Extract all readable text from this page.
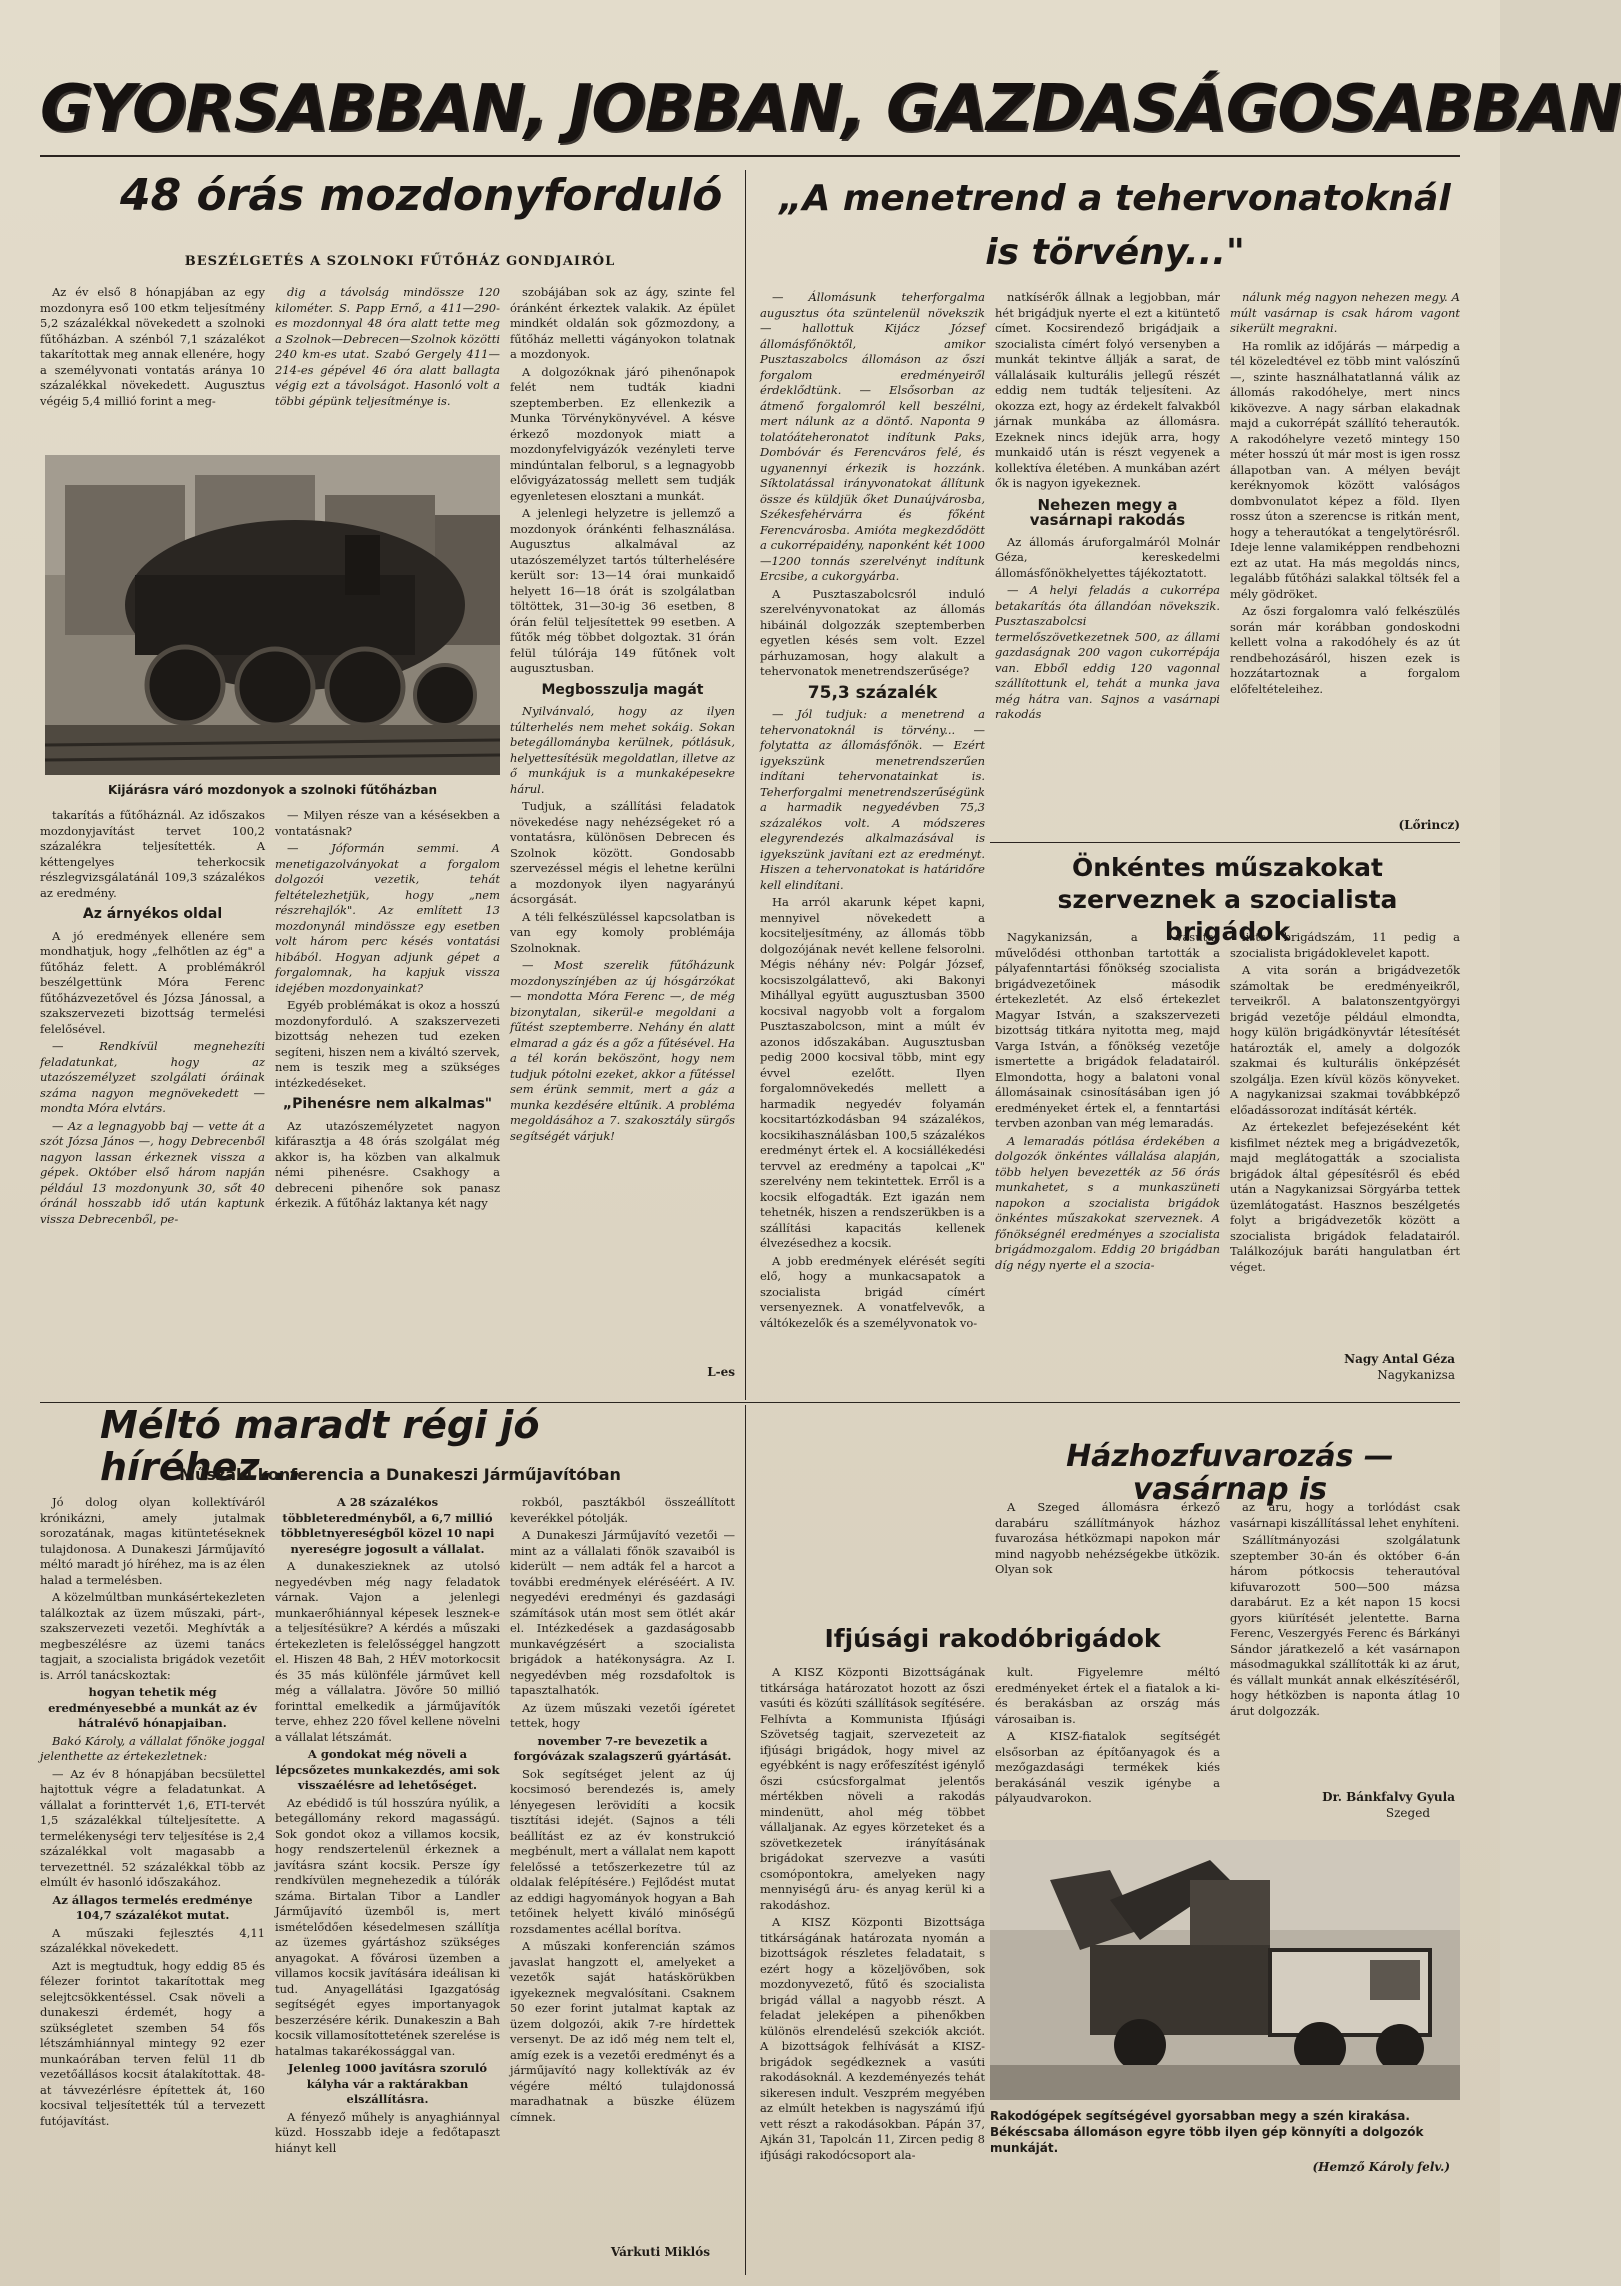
GYORSABBAN, JOBBAN, GAZDASÁGOSABBAN
48 órás mozdonyforduló
BESZÉLGETÉS A SZOLNOKI FŰTŐHÁZ GONDJAIRÓL

Az év első 8 hónapjában az egy mozdonyra eső 100 etkm teljesítmény 5,2 százalékkal növekedett a szolnoki fűtőházban. A szénból 7,1 százalékot takarítottak meg annak ellenére, hogy a személyvonati vontatás aránya 10 százalékkal növekedett. Augusztus végéig 5,4 millió forint a meg-

dig a távolság mindössze 120 kilométer. S. Papp Ernő, a 411—290-es mozdonnyal 48 óra alatt tette meg a Szolnok—Debrecen—Szolnok közötti 240 km-es utat. Szabó Gergely 411—214-es gépével 46 óra alatt ballagta végig ezt a távolságot. Hasonló volt a többi gépünk teljesítménye is.

Kijárásra váró mozdonyok a szolnoki fűtőházban

takarítás a fűtőháznál. Az időszakos mozdonyjavítást tervet 100,2 százalékra teljesítették. A kéttengelyes teherkocsik részlegvizsgálatánál 109,3 százalékos az eredmény.

Az árnyékos oldal

A jó eredmények ellenére sem mondhatjuk, hogy „felhőtlen az ég" a fűtőház felett. A problémákról beszélgettünk Móra Ferenc fűtőházvezetővel és Józsa Jánossal, a szakszervezeti bizottság termelési felelősével.

— Rendkívül megnehezíti feladatunkat, hogy az utazószemélyzet szolgálati óráinak száma nagyon megnövekedett — mondta Móra elvtárs.

— Az a legnagyobb baj — vette át a szót Józsa János —, hogy Debrecenből nagyon lassan érkeznek vissza a gépek. Október első három napján például 13 mozdonyunk 30, sőt 40 óránál hosszabb idő után kaptunk vissza Debrecenből, pe-

— Milyen része van a késésekben a vontatásnak?

— Jóformán semmi. A menetigazolványokat a forgalom dolgozói vezetik, tehát feltételezhetjük, hogy „nem részrehajlók". Az említett 13 mozdonynál mindössze egy esetben volt három perc késés vontatási hibából. Hogyan adjunk gépet a forgalomnak, ha kapjuk vissza idejében mozdonyainkat?

Egyéb problémákat is okoz a hosszú mozdonyforduló. A szakszervezeti bizottság nehezen tud ezeken segíteni, hiszen nem a kiváltó szervek, nem is teszik meg a szükséges intézkedéseket.

„Pihenésre nem alkalmas"

Az utazószemélyzetet nagyon kifárasztja a 48 órás szolgálat még akkor is, ha közben van alkalmuk némi pihenésre. Csakhogy a debreceni pihenőre sok panasz érkezik. A fűtőház laktanya két nagy

szobájában sok az ágy, szinte fel óránként érkeztek valakik. Az épület mindkét oldalán sok gőzmozdony, a fűtőház melletti vágányokon tolatnak a mozdonyok.

A dolgozóknak járó pihenőnapok felét nem tudták kiadni szeptemberben. Ez ellenkezik a Munka Törvénykönyvével. A késve érkező mozdonyok miatt a mozdonyfelvigyázók vezényleti terve mindúntalan felborul, s a legnagyobb elővigyázatosság mellett sem tudják egyenletesen elosztani a munkát.

A jelenlegi helyzetre is jellemző a mozdonyok óránkénti felhasználása. Augusztus alkalmával az utazószemélyzet tartós túlterhelésére került sor: 13—14 órai munkaidő helyett 16—18 órát is szolgálatban töltöttek, 31—30-ig 36 esetben, 8 órán felül teljesítettek 99 esetben. A fűtők még többet dolgoztak. 31 órán felül túlórája 149 fűtőnek volt augusztusban.

Megbosszulja magát

Nyilvánvaló, hogy az ilyen túlterhelés nem mehet sokáig. Sokan betegállományba kerülnek, pótlásuk, helyettesítésük megoldatlan, illetve az ő munkájuk is a munkaképesekre hárul.

Tudjuk, a szállítási feladatok növekedése nagy nehézségeket ró a vontatásra, különösen Debrecen és Szolnok között. Gondosabb szervezéssel mégis el lehetne kerülni a mozdonyok ilyen nagyarányú ácsorgását.

A téli felkészüléssel kapcsolatban is van egy komoly problémája Szolnoknak.

— Most szerelik fűtőházunk mozdonyszínjében az új hósgárzókat — mondotta Móra Ferenc —, de még bizonytalan, sikerül-e megoldani a fűtést szeptemberre. Nehány én alatt elmarad a gáz és a gőz a fűtésével. Ha a tél korán beköszönt, hogy nem tudjuk pótolni ezeket, akkor a fűtéssel sem érünk semmit, mert a gáz a munka kezdésére eltűnik. A probléma megoldásához a 7. szakosztály sürgős segítségét várjuk!

L-es
„A menetrend a tehervonatoknál is törvény..."

— Állomásunk teherforgalma augusztus óta szüntelenül növekszik — hallottuk Kijácz József állomásfőnöktől, amikor Pusztaszabolcs állomáson az őszi forgalom eredményeiről érdeklődtünk. — Elsősorban az átmenő forgalomról kell beszélni, mert nálunk az a döntő. Naponta 9 tolatóáteheronatot indítunk Paks, Dombóvár és Ferencváros felé, és ugyanennyi érkezik is hozzánk. Síktolatással irányvonatokat állítunk össze és küldjük őket Dunaújvárosba, Székesfehérvárra és főként Ferencvárosba. Amióta megkezdődött a cukorrépaidény, naponként két 1000—1200 tonnás szerelvényt indítunk Ercsibe, a cukorgyárba.

A Pusztaszabolcsról induló szerelvényvonatokat az állomás hibáinál dolgozzák szeptemberben egyetlen késés sem volt. Ezzel párhuzamosan, hogy alakult a tehervonatok menetrendszerűsége?

75,3 százalék

— Jól tudjuk: a menetrend a tehervonatoknál is törvény... — folytatta az állomásfőnök. — Ezért igyekszünk menetrendszerűen indítani tehervonatainkat is. Teherforgalmi menetrendszerűségünk a harmadik negyedévben 75,3 százalékos volt. A módszeres elegyrendezés alkalmazásával is igyekszünk javítani ezt az eredményt. Hiszen a tehervonatokat is határidőre kell elindítani.

Ha arról akarunk képet kapni, mennyivel növekedett a kocsiteljesítmény, az állomás több dolgozójának nevét kellene felsorolni. Mégis néhány név: Polgár József, kocsiszolgálattevő, aki Bakonyi Mihállyal együtt augusztusban 3500 kocsival nagyobb volt a forgalom Pusztaszabolcson, mint a múlt év azonos időszakában. Augusztusban pedig 2000 kocsival több, mint egy évvel ezelőtt. Ilyen forgalomnövekedés mellett a harmadik negyedév folyamán kocsitartózkodásban 94 százalékos, kocsikihasználásban 100,5 százalékos eredményt értek el. A kocsiállékedési tervvel az eredmény a tapolcai „K" szerelvény nem tekintettek. Erről is a kocsik elfogadták. Ezt igazán nem tehetnék, hiszen a rendszerükben is a szállítási kapacitás kellenek élvezésedhez a kocsik.

A jobb eredmények elérését segíti elő, hogy a munkacsapatok a szocialista brigád címért versenyeznek. A vonatfelvevők, a váltókezelők és a személyvonatok vo-

natkísérők állnak a legjobban, már hét brigádjuk nyerte el ezt a kitüntető címet. Kocsirendező brigádjaik a szocialista címért folyó versenyben a munkát tekintve állják a sarat, de vállalásaik kulturális jellegű részét eddig nem tudták teljesíteni. Az okozza ezt, hogy az érdekelt falvakból járnak munkába az állomásra. Ezeknek nincs idejük arra, hogy munkaidő után is részt vegyenek a kollektíva életében. A munkában azért ők is nagyon igyekeznek.

Nehezen megy a vasárnapi rakodás

Az állomás áruforgalmáról Molnár Géza, kereskedelmi állomásfőnökhelyettes tájékoztatott.

— A helyi feladás a cukorrépa betakarítás óta állandóan növekszik. Pusztaszabolcsi termelőszövetkezetnek 500, az állami gazdaságnak 200 vagon cukorrépája van. Ebből eddig 120 vagonnal szállítottunk el, tehát a munka java még hátra van. Sajnos a vasárnapi rakodás

nálunk még nagyon nehezen megy. A múlt vasárnap is csak három vagont sikerült megrakni.

Ha romlik az időjárás — márpedig a tél közeledtével ez több mint valószínű —, szinte használhatatlanná válik az állomás rakodóhelye, mert nincs kikövezve. A nagy sárban elakadnak majd a cukorrépát szállító teherautók. A rakodóhelyre vezető mintegy 150 méter hosszú út már most is igen rossz állapotban van. A mélyen bevájt keréknyomok között valóságos dombvonulatot képez a föld. Ilyen rossz úton a szerencse is ritkán ment, hogy a teherautókat a tengelytörésről. Ideje lenne valamiképpen rendbehozni ezt az utat. Ha más megoldás nincs, legalább fűtőházi salakkal töltsék fel a mély gödröket.

Az őszi forgalomra való felkészülés során már korábban gondoskodni kellett volna a rakodóhely és az út rendbehozásáról, hiszen ezek is hozzátartoznak a forgalom előfeltételeihez.

(Lőrincz)
Önkéntes műszakokat szerveznek a szocialista brigádok

Nagykanizsán, a vasutas művelődési otthonban tartották a pályafenntartási főnökség szocialista brigádvezetőinek második értekezletét. Az első értekezlet Magyar István, a szakszervezeti bizottság titkára nyitotta meg, majd Varga István, a főnökség vezetője ismertette a brigádok feladatairól. Elmondotta, hogy a balatoni vonal állomásainak csinosításában igen jó eredményeket értek el, a fenntartási tervben azonban van még lemaradás.

A lemaradás pótlása érdekében a dolgozók önkéntes vállalása alapján, több helyen bevezették az 56 órás munkahetet, s a munkaszüneti napokon a szocialista brigádok önkéntes műszakokat szerveznek. A főnökségnél eredményes a szocialista brigádmozgalom. Eddig 20 brigádban díg négy nyerte el a szocia-

lista brigádszám, 11 pedig a szocialista brigádoklevelet kapott.

A vita során a brigádvezetők számoltak be eredményeikről, terveikről. A balatonszentgyörgyi brigád vezetője például elmondta, hogy külön brigádkönyvtár létesítését határozták el, amely a dolgozók szakmai és kulturális önképzését szolgálja. Ezen kívül közös könyveket. A nagykanizsai szakmai továbbképző előadássorozat indítását kérték.

Az értekezlet befejezéseként két kisfilmet néztek meg a brigádvezetők, majd meglátogatták a szocialista brigádok által gépesítésről és ebéd után a Nagykanizsai Sörgyárba tettek üzemlátogatást. Hasznos beszélgetés folyt a brigádvezetők között a szocialista brigádok feladatairól. Találkozójuk baráti hangulatban ért véget.

Nagy Antal Géza
Nagykanizsa
Méltó maradt régi jó híréhez...
Műszaki konferencia a Dunakeszi Járműjavítóban

Jó dolog olyan kollektíváról krónikázni, amely jutalmak sorozatának, magas kitüntetéseknek tulajdonosa. A Dunakeszi Járműjavító méltó maradt jó híréhez, ma is az élen halad a termelésben.

A közelmúltban munkásértekezleten találkoztak az üzem műszaki, párt-, szakszervezeti vezetői. Meghívták a megbeszélésre az üzemi tanács tagjait, a szocialista brigádok vezetőit is. Arról tanácskoztak:

hogyan tehetik még eredményesebbé a munkát az év hátralévő hónapjaiban.

Bakó Károly, a vállalat főnöke joggal jelenthette az értekezletnek:

— Az év 8 hónapjában becsülettel hajtottuk végre a feladatunkat. A vállalat a forinttervét 1,6, ETI-tervét 1,5 százalékkal túlteljesítette. A termelékenységi terv teljesítése is 2,4 százalékkal volt magasabb a tervezettnél. 52 százalékkal több az elmúlt év hasonló időszakához.

Az állagos termelés eredménye 104,7 százalékot mutat.

A műszaki fejlesztés 4,11 százalékkal növekedett.

Azt is megtudtuk, hogy eddig 85 és félezer forintot takarítottak meg selejtcsökkentéssel. Csak növeli a dunakeszi érdemét, hogy a szükségletet szemben 54 fős létszámhiánnyal mintegy 92 ezer munkaórában terven felül 11 db vezetőállásos kocsit átalakítottak. 48-at távvezérlésre építettek át, 160 kocsival teljesítették túl a tervezett futójavítást.

A 28 százalékos többleteredményből, a 6,7 millió többletnyereségből közel 10 napi nyereségre jogosult a vállalat.

A dunakeszieknek az utolsó negyedévben még nagy feladatok várnak. Vajon a jelenlegi munkaerőhiánnyal képesek lesznek-e a teljesítésükre? A kérdés a műszaki értekezleten is felelősséggel hangzott el. Hiszen 48 Bah, 2 HÉV motorkocsit és 35 más különféle járművet kell még a vállalatra. Jövőre 50 millió forinttal emelkedik a járműjavítók terve, ehhez 220 fővel kellene növelni a vállalat létszámát.

A gondokat még növeli a lépcsőzetes munkakezdés, ami sok visszaélésre ad lehetőséget.

Az ebédidő is túl hosszúra nyúlik, a betegállomány rekord magasságú. Sok gondot okoz a villamos kocsik, hogy rendszertelenül érkeznek a javításra szánt kocsik. Persze így rendkívülen megnehezedik a túlórák száma. Birtalan Tibor a Landler Járműjavító üzemből is, mert ismételődően késedelmesen szállítja az üzemes gyártáshoz szükséges anyagokat. A fővárosi üzemben a villamos kocsik javítására ideálisan ki tud. Anyagellátási Igazgatóság segítségét egyes importanyagok beszerzésére kérik. Dunakeszin a Bah kocsik villamosítottetének szerelése is hatalmas takarékossággal van.

Jelenleg 1000 javításra szoruló kályha vár a raktárakban elszállításra.

A fényező műhely is anyaghiánnyal küzd. Hosszabb ideje a fedőtapaszt hiányt kell

rokból, pasztákból összeállított keverékkel pótolják.

A Dunakeszi Járműjavító vezetői — mint az a vállalati főnök szavaiból is kiderült — nem adták fel a harcot a további eredmények eléréséért. A IV. negyedévi eredményi és gazdasági számítások után most sem ötlét akár el. Intézkedések a gazdaságosabb munkavégzésért a szocialista brigádok a hatékonyságra. Az I. negyedévben még rozsdafoltok is tapasztalhatók.

Az üzem műszaki vezetői ígéretet tettek, hogy

november 7-re bevezetik a forgóvázak szalagszerű gyártását.

Sok segítséget jelent az új kocsimosó berendezés is, amely lényegesen lerövidíti a kocsik tisztítási idejét. (Sajnos a téli beállítást ez az év konstrukció megbénult, mert a vállalat nem kapott felelőssé a tetőszerkezetre túl az oldalak felépítésére.) Fejlődést mutat az eddigi hagyományok hogyan a Bah tetőinek helyett kiváló minőségű rozsdamentes acéllal borítva.

A műszaki konferencián számos javaslat hangzott el, amelyeket a vezetők saját hatáskörükben igyekeznek megvalósítani. Csaknem 50 ezer forint jutalmat kaptak az üzem dolgozói, akik 7-re hírdettek versenyt. De az idő még nem telt el, amíg ezek is a vezetői eredményt és a járműjavító nagy kollektívák az év végére méltó tulajdonossá maradhatnak a büszke élüzem címnek.

Várkuti Miklós
Házhozfuvarozás — vasárnap is

A Szeged állomásra érkező darabáru szállítmányok házhoz fuvarozása hétközmapi napokon már mind nagyobb nehézségekbe ütközik. Olyan sok

az áru, hogy a torlódást csak vasárnapi kiszállítással lehet enyhíteni.

Szállítmányozási szolgálatunk szeptember 30-án és október 6-án három pótkocsis teherautóval kifuvarozott 500—500 mázsa darabárut. Ez a két napon 15 kocsi gyors kiürítését jelentette. Barna Ferenc, Veszergyés Ferenc és Bárkányi Sándor járatkezelő a két vasárnapon másodmagukkal szállították ki az árut, és vállalt munkát annak elkészítéséről, hogy hétközben is naponta átlag 10 árut dolgozzák.

Dr. Bánkfalvy Gyula
Szeged
Ifjúsági rakodóbrigádok

A KISZ Központi Bizottságának titkársága határozatot hozott az őszi vasúti és közúti szállítások segítésére. Felhívta a Kommunista Ifjúsági Szövetség tagjait, szervezeteit az ifjúsági brigádok, hogy mivel az egyébként is nagy erőfeszítést igénylő őszi csúcsforgalmat jelentős mértékben növeli a rakodás mindenütt, ahol még többet vállaljanak. Az egyes körzeteket és a szövetkezetek irányításának brigádokat szervezve a vasúti csomópontokra, amelyeken nagy mennyiségű áru- és anyag kerül ki a rakodáshoz.

A KISZ Központi Bizottsága titkárságának határozata nyomán a bizottságok részletes feladatait, s ezért hogy a közeljövőben, sok mozdonyvezető, fűtő és szocialista brigád vállal a nagyobb részt. A feladat jeleképen a pihenőkben különös elrendelésű szekciók akciót. A bizottságok felhívását a KISZ-brigádok segédkeznek a vasúti rakodásoknál. A kezdeményezés tehát sikeresen indult. Veszprém megyében az elmúlt hetekben is nagyszámú ifjú vett részt a rakodásokban. Pápán 37, Ajkán 31, Tapolcán 11, Zircen pedig 8 ifjúsági rakodócsoport ala-

kult. Figyelemre méltó eredményeket értek el a fiatalok a ki- és berakásban az ország más városaiban is.

A KISZ-fiatalok segítségét elsősorban az építőanyagok és a mezőgazdasági termékek kiés berakásánál veszik igénybe a pályaudvarokon.

Rakodógépek segítségével gyorsabban megy a szén kirakása. Békéscsaba állomáson egyre több ilyen gép könnyíti a dolgozók munkáját.
(Hemző Károly felv.)
